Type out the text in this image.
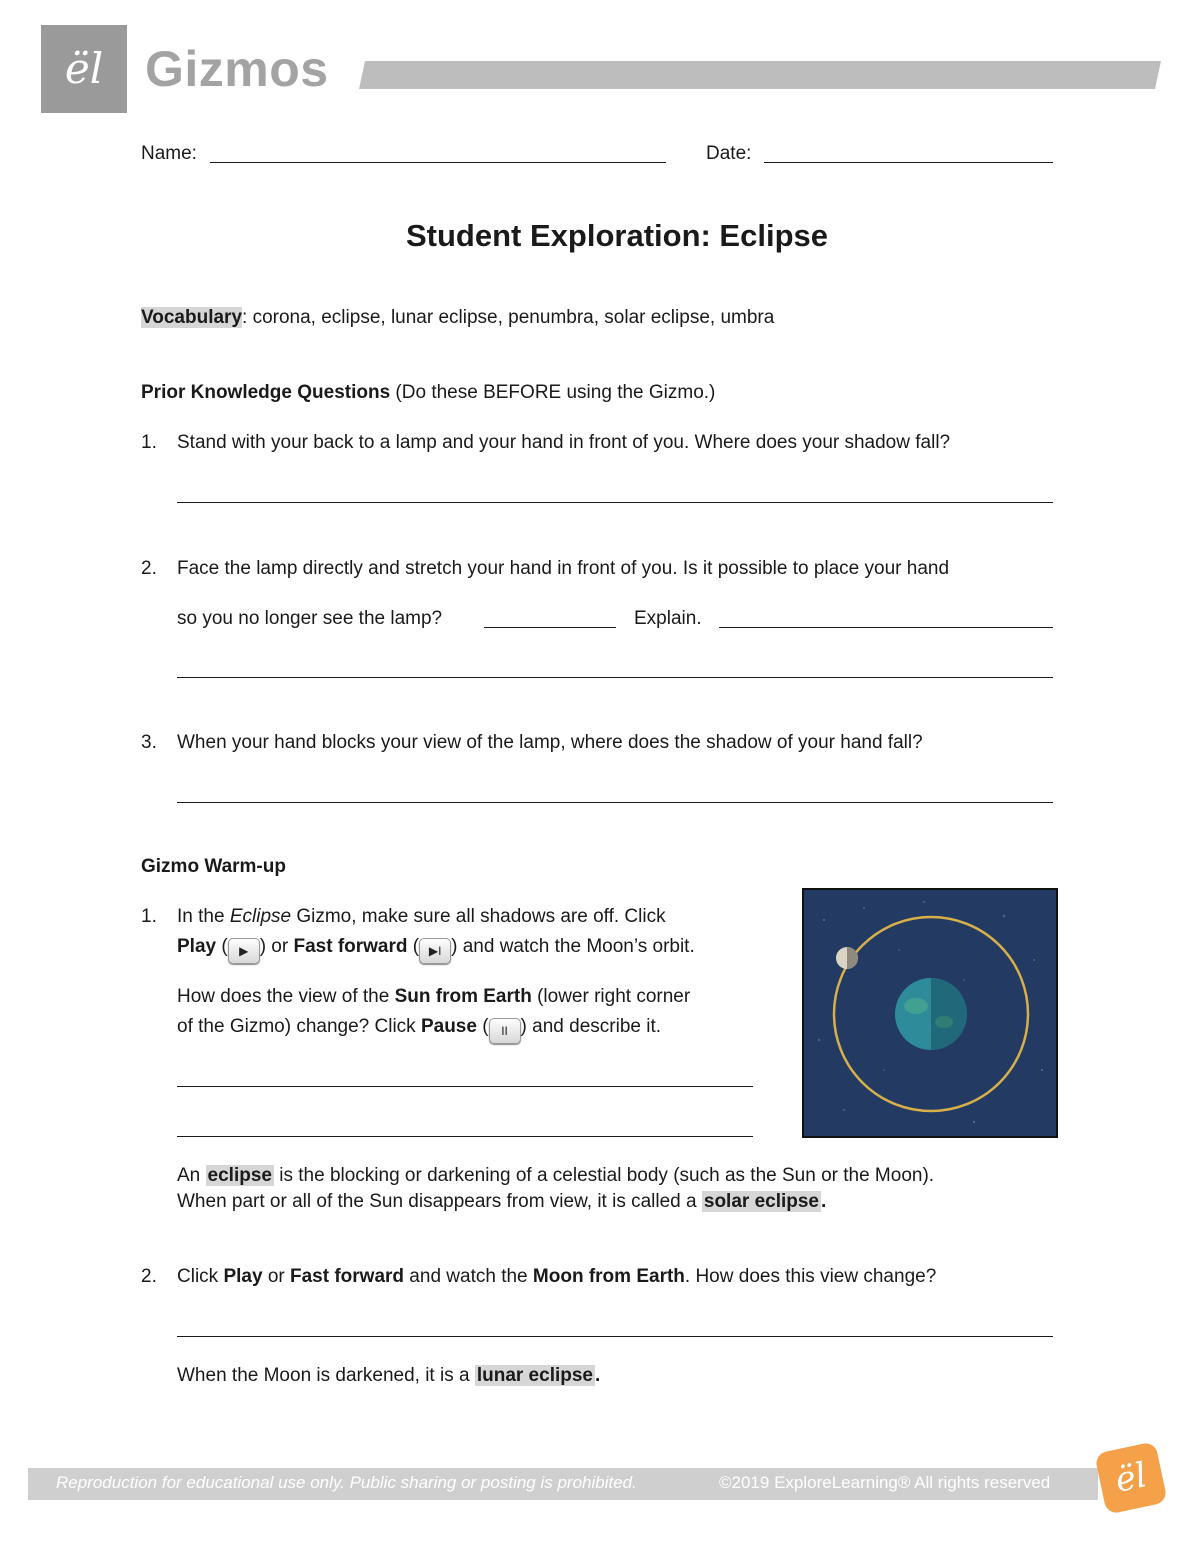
ël Gizmos
Name:	Date:
Student Exploration: Eclipse
Vocabulary: corona, eclipse, lunar eclipse, penumbra, solar eclipse, umbra
Prior Knowledge Questions (Do these BEFORE using the Gizmo.)
1. Stand with your back to a lamp and your hand in front of you. Where does your shadow fall?
2. Face the lamp directly and stretch your hand in front of you. Is it possible to place your hand
so you no longer see the lamp?	Explain.
3. When your hand blocks your view of the lamp, where does the shadow of your hand fall?
Gizmo Warm-up
1. In the Eclipse Gizmo, make sure all shadows are off. Click
Play ( ▶ ) or Fast forward ( ▶I ) and watch the Moon’s orbit.
How does the view of the Sun from Earth (lower right corner
of the Gizmo) change? Click Pause ( II ) and describe it.
An eclipse is the blocking or darkening of a celestial body (such as the Sun or the Moon).
When part or all of the Sun disappears from view, it is called a solar eclipse .
2. Click Play or Fast forward and watch the Moon from Earth. How does this view change?
When the Moon is darkened, it is a lunar eclipse .
Reproduction for educational use only. Public sharing or posting is prohibited.	©2019 ExploreLearning® All rights reserved	ël
